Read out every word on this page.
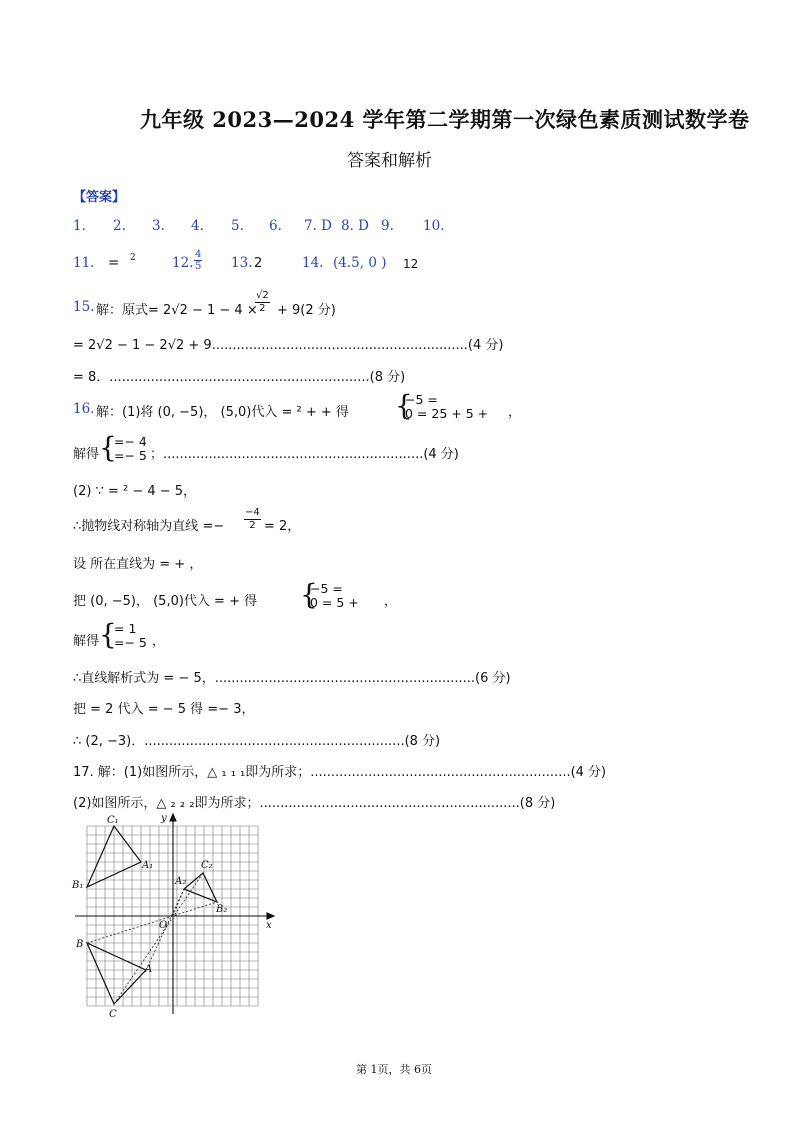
九年级 2023—2024 学年第二学期第一次绿色素质测试数学卷
答案和解析
【答案】
1. 2. 3. 4. 5. 6. 7. D 8. D 9. 10.
11. = $_2$	12. $\frac{4}{5} 13$. 2	14. (4.5, 0 ) 12
15. 解：原式= 2√2 − 1 − 4 ×
$\frac{√2}{2} + 9(2$ 分)
= 2√2 − 1 − 2√2 + 9..............................................................(4 分)
= 8．...............................................................(8 分)
16. 解：(1)将 (0, −5)， (5,0)代入 = ² + + 得 {
−5 =
0 = 25 + 5 + ，
解得 {
=− 4
=− 5 ；...............................................................(4 分)
(2) ∵ = ² − 4 − 5，
∴抛物线对称轴为直线 =− $\frac{-4}{2} = 2$，
设 所在直线为 = + ，
把 (0, −5)， (5,0)代入 = + 得 {
−5 =
0 = 5 + ，
解得 {
= 1
=− 5 ，
∴直线解析式为 = − 5，...............................................................(6 分)
把 = 2 代入 = − 5 得 =− 3，
∴ (2, −3)．...............................................................(8 分)
17. 解：(1)如图所示，△ ₁ ₁ ₁即为所求；...............................................................(4 分)
(2)如图所示，△ ₂ ₂ ₂即为所求；...............................................................(8 分)
C₁
A₁
B₁	A₂
C₂
B₂
O
B
A
C
x
y
第 1页，共 6页
